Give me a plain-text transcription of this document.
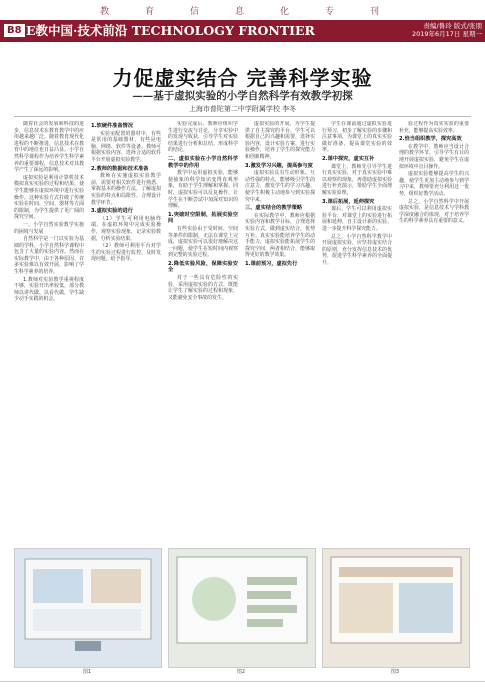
教	育	信	息	化	专	刊
B8 E教中国·技术前沿 TECHNOLOGY FRONTIER	责编/鲁玲 版式/张朋
2019年6月17日 星期一
力促虚实结合 完善科学实验
——基于虚拟实验的小学自然科学有效教学初探
上海市普陀第二中学附属学校 李冬

随着社会的发展和科技的进步，信息技术在教育教学中的应用越来越广泛。随着教育现代化进程的不断推进，信息技术在教育中的地位也日益凸显。小学自然科学课程作为培养学生科学素养的重要课程，信息技术对其教学产生了深远的影响。

虚拟实验是利用计算机技术模拟真实实验的过程和结果，使学生能够在虚拟环境中进行实验操作。这种实验方式打破了传统实验在时间、空间、器材等方面的限制，为学生提供了更广阔的探究空间。

一、小学自然实验教学实施的困境与发展

自然科学是一门以实验为基础的学科，小学自然科学课程中包含了大量的实验内容。然而在实际教学中，由于各种原因，许多实验难以有效开展，影响了学生科学素养的培养。

1.教师对实验教学重视程度不够，实验开出率较低，部分教师以讲代做、以看代做，学生缺少动手实践的机会。

1.软硬件准备情况

实验室配置的器材中，有些是常用的基础器材，有些是电脑、网络、软件等设备。教师可根据实验内容，选择合适的软件平台开展虚拟实验教学。

2.教师的数据和技术准备

教师在实施虚拟实验教学前，需要对相关软件进行熟悉，掌握基本的操作方法，了解虚拟实验的特点和局限性，合理设计教学环节。

3.虚拟实验的进行

（1）学生可利用电脑终端，在虚拟环境中完成实验操作，观察实验现象，记录实验数据，分析实验结果。

（2）教师可利用平台对学生的实验过程进行监控，及时发现问题，给予指导。

实验完成后，教师应组织学生进行交流与讨论，分享实验中的发现与收获，引导学生对实验结果进行分析和总结，形成科学的结论。

二、虚拟实验在小学自然科学教学中的作用

教学中运用虚拟实验，能够使抽象的科学知识变得直观形象，有助于学生理解和掌握。同时，虚拟实验可以反复操作，让学生在不断尝试中加深对知识的理解。

1.突破时空限制，拓展实验空间

有些实验由于受时间、空间等条件的限制，无法在课堂上完成，虚拟实验可以很好地解决这一问题，使学生在短时间内观察到完整的实验过程。

2.降低实验风险，保障实验安全

对于一些具有危险性的实验，采用虚拟实验的方式，既能让学生了解实验的过程和现象，又能避免安全事故的发生。

虚拟实验的开展，为学生提供了自主探究的平台，学生可以根据自己的兴趣和需要，选择实验内容，设计实验方案，进行实验操作，培养了学生的探究能力和创新精神。

3.激发学习兴趣，提高参与度

虚拟实验具有生动形象、互动性强的特点，能够吸引学生的注意力，激发学生的学习兴趣，使学生积极主动地参与到实验探究中来。

三、虚实结合的教学策略

在实际教学中，教师应根据实验内容和教学目标，合理选择实验方式，做到虚实结合，优势互补。真实实验能培养学生的动手能力，虚拟实验能拓展学生的探究空间，两者相结合，能够取得更好的教学效果。

1.课前预习，虚拟先行

学生在课前通过虚拟实验进行预习，初步了解实验的步骤和注意事项，为课堂上的真实实验做好准备，提高课堂实验的效率。

2.课中探究，虚实互补

课堂上，教师先引导学生进行真实实验，对于真实实验中难以观察的现象，再借助虚拟实验进行补充演示，帮助学生全面理解实验原理。

3.课后拓展，延伸探究

课后，学生可以利用虚拟实验平台，对课堂上的实验进行拓展和延伸，自主设计新的实验，进一步提升科学探究能力。

总之，小学自然科学教学中开展虚拟实验，应坚持虚实结合的原则，充分发挥信息技术的优势，促进学生科学素养的全面提升。

验过程作为真实实验的重要补充，能够提高实验效率。

2.恰当组织教学，探究高效

在教学中，教师应当设计合理的教学环节，引导学生有目的地开展虚拟实验，避免学生在虚拟环境中盲目操作。

虚拟实验能够提高学生的兴趣，使学生更加主动地参与到学习中来，教师要充分利用这一优势，组织好教学活动。

总之，小学自然科学中开展虚拟实验，是信息技术与学科教学深度融合的体现，对于培养学生的科学素养具有重要的意义。

图1	图2	图3
